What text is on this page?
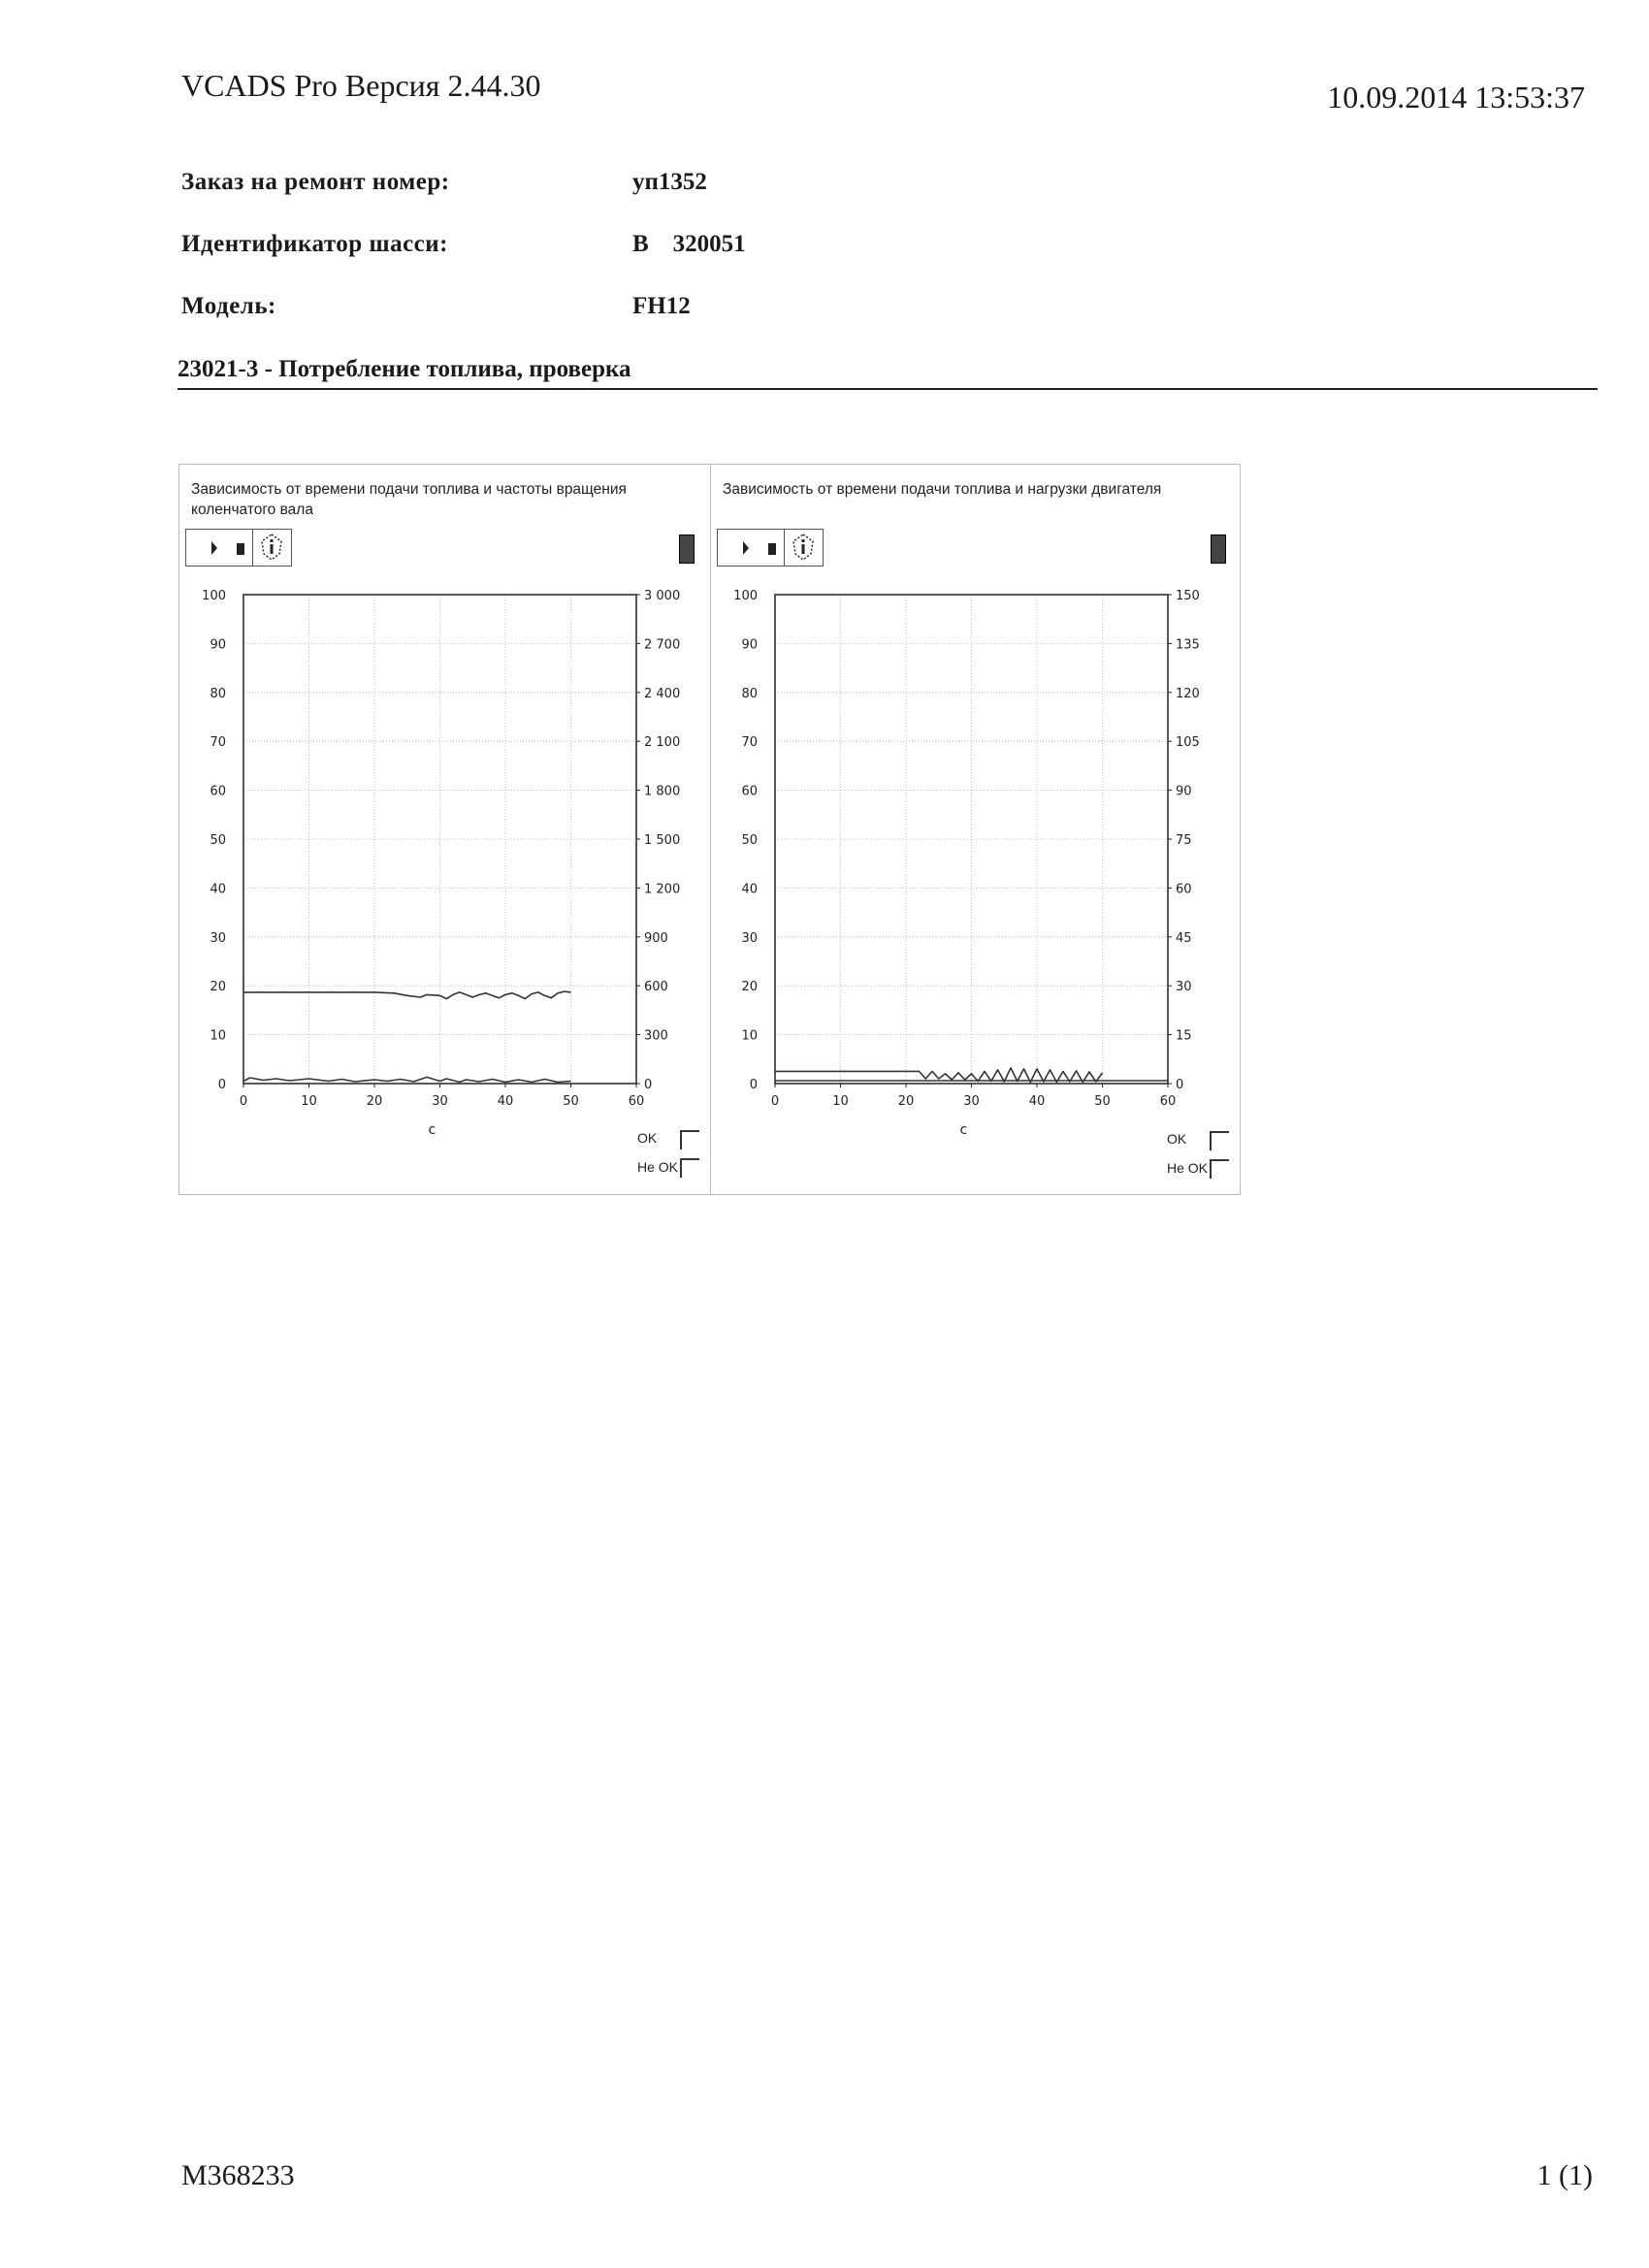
VCADS Pro Версия 2.44.30	10.09.2014 13:53:37
Заказ на ремонт номер:	уп1352
Идентификатор шасси:	B    320051
Модель:	FH12
23021-3 - Потребление топлива, проверка
Зависимость от времени подачи топлива и частоты вращения
коленчатого вала
0
10
20
30
40
50
60
70
80
90
100
0
300
600
900
1 200
1 500
1 800
2 100
2 400
2 700
3 000
0	10	20	30	40	50	60
с	OK
Не OK
Зависимость от времени подачи топлива и нагрузки двигателя
0
10
20
30
40
50
60
70
80
90
100
0
15
30
45
60
75
90
105
120
135
150
0	10	20	30	40	50	60
с
OK
Не OK
M368233	1 (1)
